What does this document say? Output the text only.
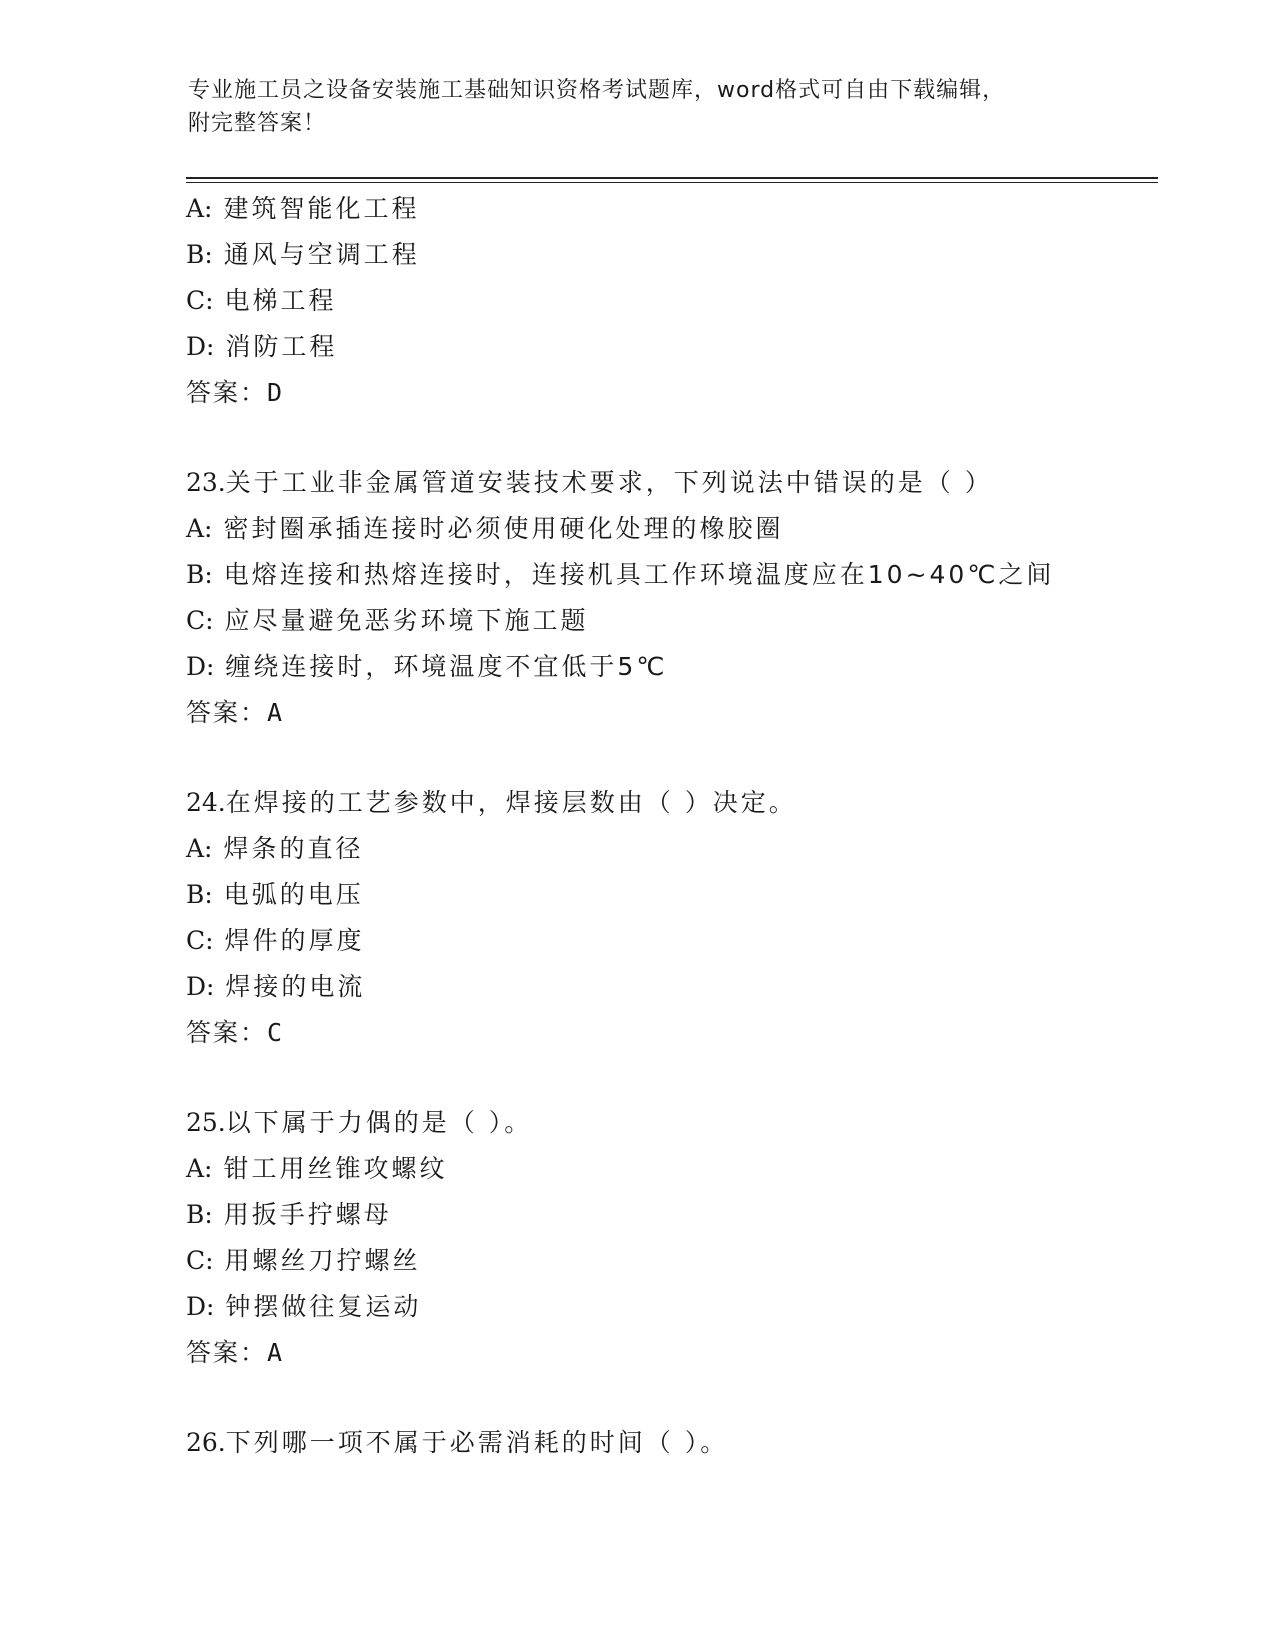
专业施工员之设备安装施工基础知识资格考试题库，word格式可自由下载编辑，
附完整答案！
A: 建筑智能化工程
B: 通风与空调工程
C: 电梯工程
D: 消防工程
答案：D
23.关于工业非金属管道安装技术要求，下列说法中错误的是（ ）
A: 密封圈承插连接时必须使用硬化处理的橡胶圈
B: 电熔连接和热熔连接时，连接机具工作环境温度应在10~40℃之间
C: 应尽量避免恶劣环境下施工题
D: 缠绕连接时，环境温度不宜低于5℃
答案：A
24.在焊接的工艺参数中，焊接层数由（ ）决定。
A: 焊条的直径
B: 电弧的电压
C: 焊件的厚度
D: 焊接的电流
答案：C
25.以下属于力偶的是（ ）。
A: 钳工用丝锥攻螺纹
B: 用扳手拧螺母
C: 用螺丝刀拧螺丝
D: 钟摆做往复运动
答案：A
26.下列哪一项不属于必需消耗的时间（ ）。
